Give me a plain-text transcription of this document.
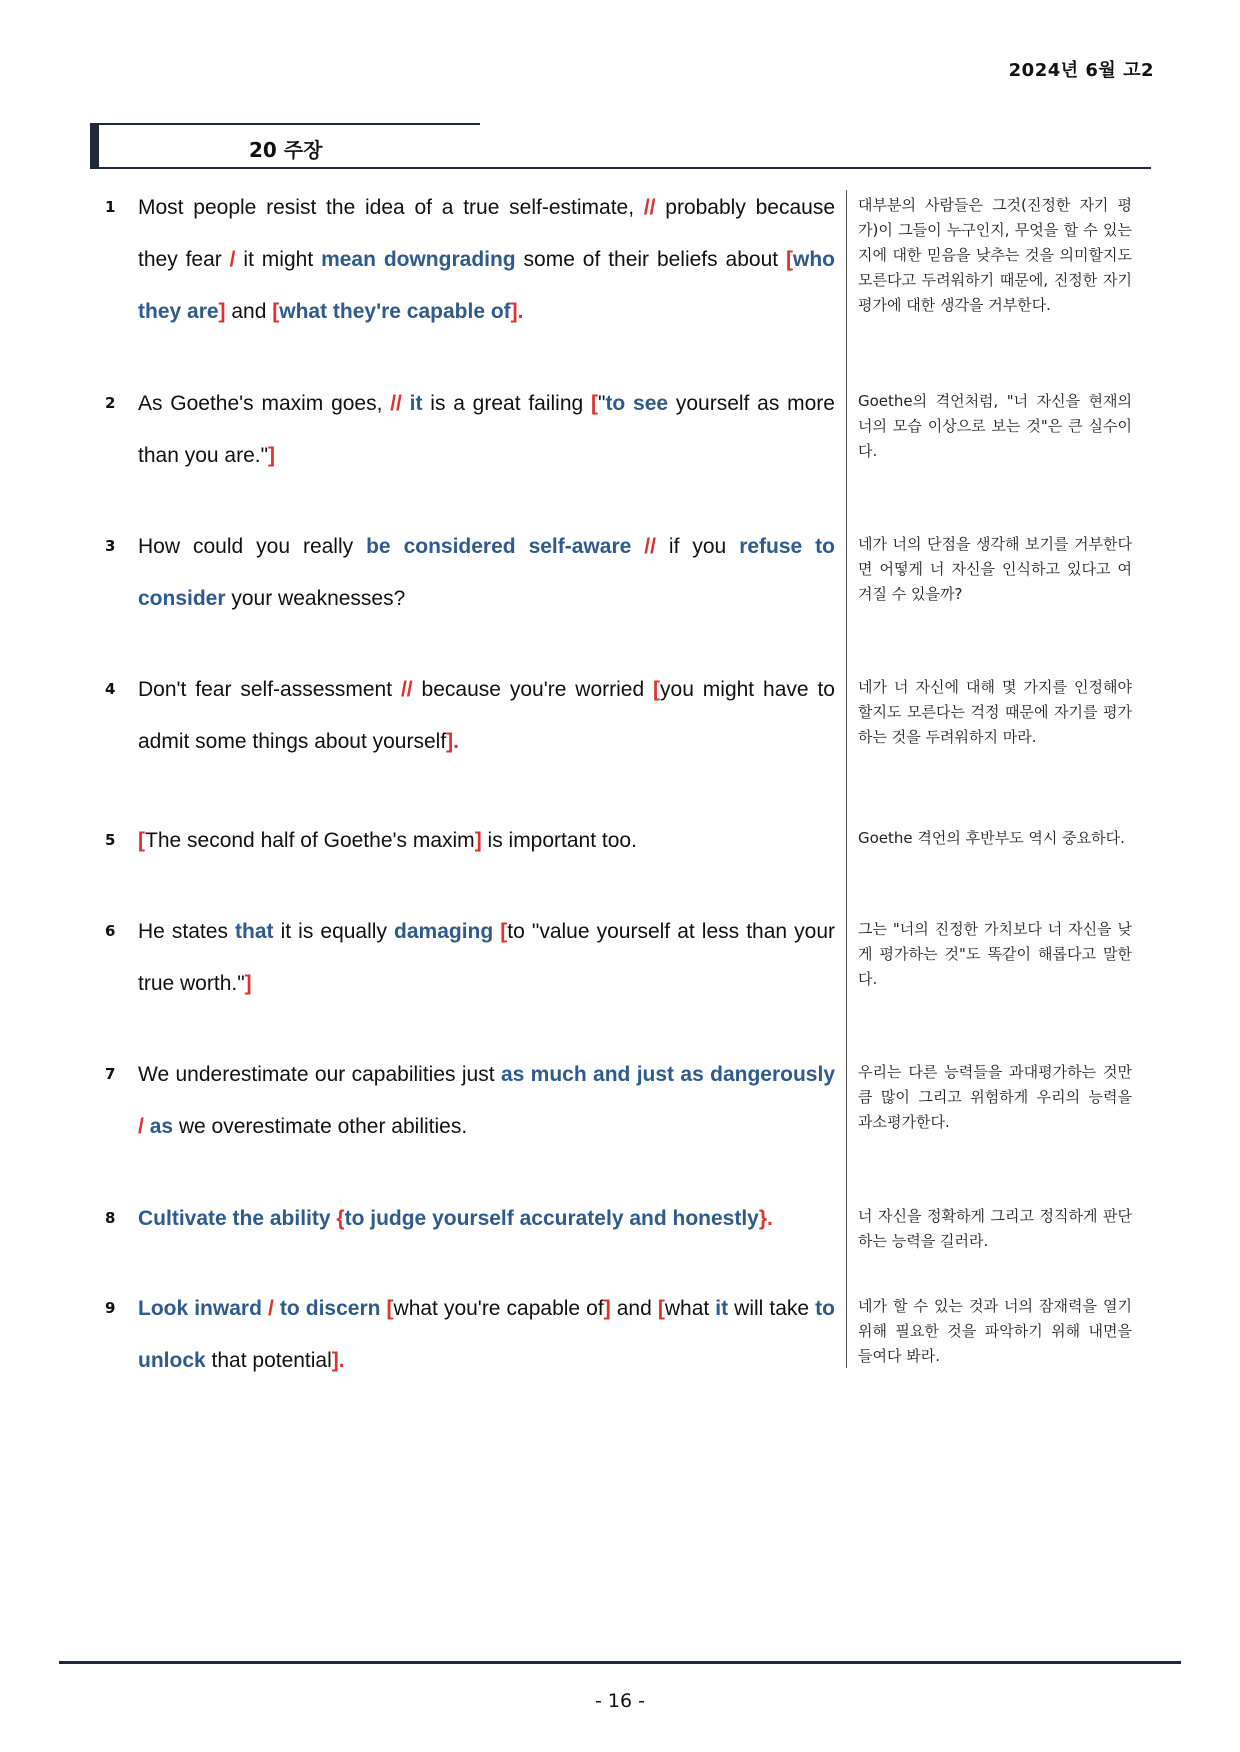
2024년 6월 고2
20 주장
1 Most people resist the idea of a true self-estimate, // probably because they fear / it might mean downgrading some of their beliefs about [who they are] and [what they're capable of].
대부분의 사람들은 그것(진정한 자기 평가)이 그들이 누구인지, 무엇을 할 수 있는지에 대한 믿음을 낮추는 것을 의미할지도 모른다고 두려워하기 때문에, 진정한 자기 평가에 대한 생각을 거부한다.
2 As Goethe's maxim goes, // it is a great failing ["to see yourself as more than you are."]
Goethe의 격언처럼, "너 자신을 현재의 너의 모습 이상으로 보는 것"은 큰 실수이다.
3 How could you really be considered self-aware // if you refuse to consider your weaknesses?
네가 너의 단점을 생각해 보기를 거부한다면 어떻게 너 자신을 인식하고 있다고 여겨질 수 있을까?
4 Don't fear self-assessment // because you're worried [you might have to admit some things about yourself].
네가 너 자신에 대해 몇 가지를 인정해야 할지도 모른다는 걱정 때문에 자기를 평가하는 것을 두려워하지 마라.
5 [The second half of Goethe's maxim] is important too.	Goethe 격언의 후반부도 역시 중요하다.
6 He states that it is equally damaging [to "value yourself at less than your true worth."]
그는 "너의 진정한 가치보다 너 자신을 낮게 평가하는 것"도 똑같이 해롭다고 말한다.
7 We underestimate our capabilities just as much and just as dangerously / as we overestimate other abilities.
우리는 다른 능력들을 과대평가하는 것만큼 많이 그리고 위험하게 우리의 능력을 과소평가한다.
8 Cultivate the ability {to judge yourself accurately and honestly}.	너 자신을 정확하게 그리고 정직하게 판단하는 능력을 길러라.
9 Look inward / to discern [what you're capable of] and [what it will take to unlock that potential].
네가 할 수 있는 것과 너의 잠재력을 열기 위해 필요한 것을 파악하기 위해 내면을 들여다 봐라.
- 16 -
